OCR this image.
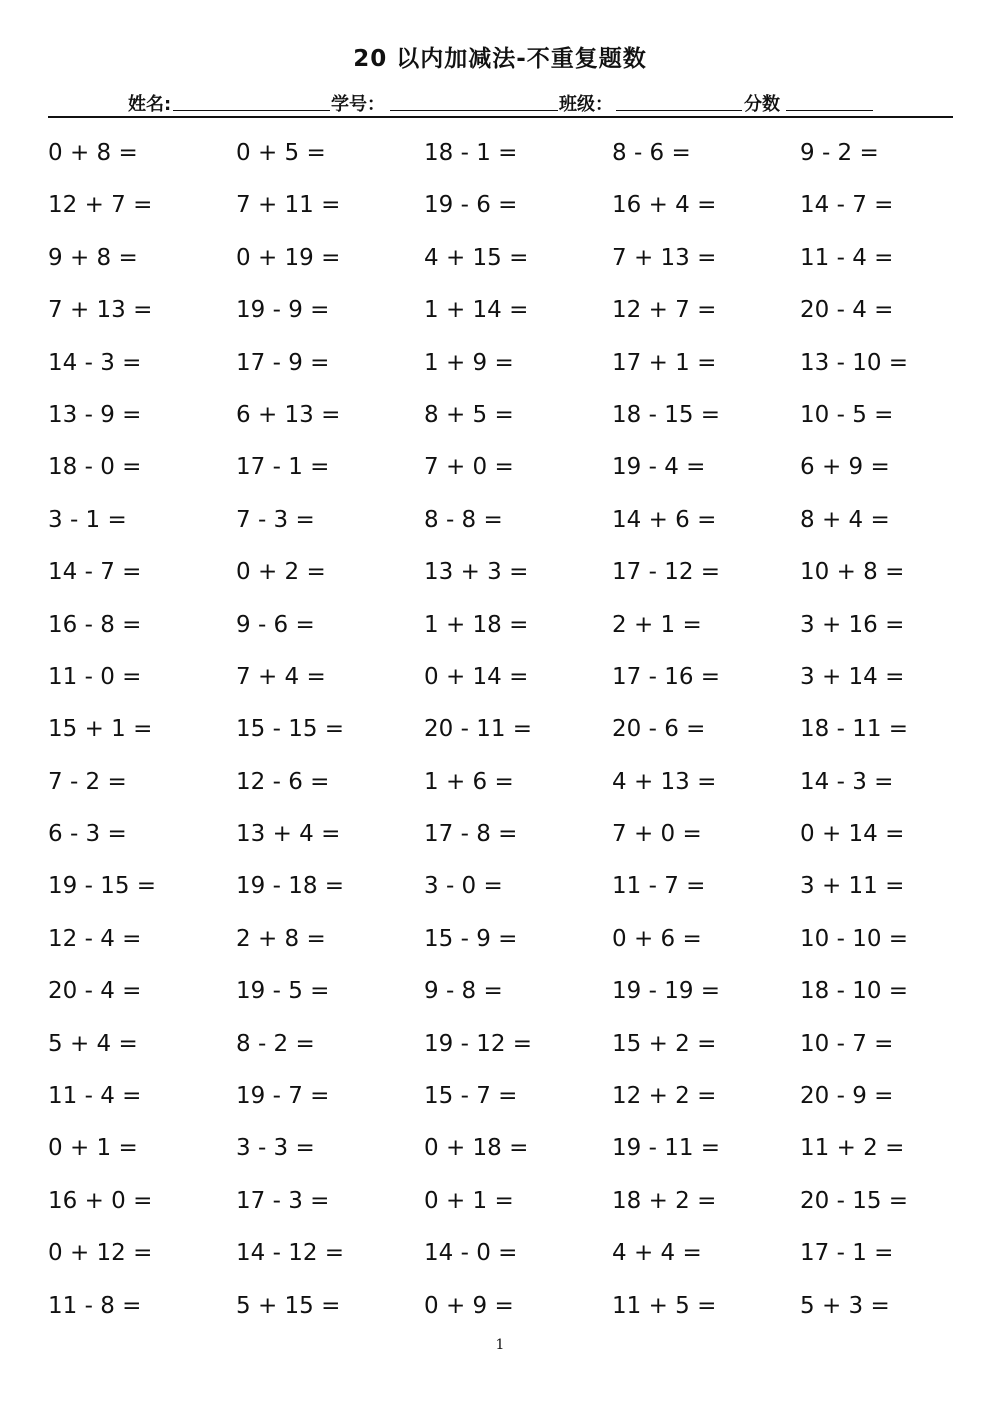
20 以内加减法-不重复题数
姓名:	学号：	班级：	分数
0 + 8 =	0 + 5 =	18 - 1 =	8 - 6 =	9 - 2 =
12 + 7 =	7 + 11 =	19 - 6 =	16 + 4 =	14 - 7 =
9 + 8 =	0 + 19 =	4 + 15 =	7 + 13 =	11 - 4 =
7 + 13 =	19 - 9 =	1 + 14 =	12 + 7 =	20 - 4 =
14 - 3 =	17 - 9 =	1 + 9 =	17 + 1 =	13 - 10 =
13 - 9 =	6 + 13 =	8 + 5 =	18 - 15 =	10 - 5 =
18 - 0 =	17 - 1 =	7 + 0 =	19 - 4 =	6 + 9 =
3 - 1 =	7 - 3 =	8 - 8 =	14 + 6 =	8 + 4 =
14 - 7 =	0 + 2 =	13 + 3 =	17 - 12 =	10 + 8 =
16 - 8 =	9 - 6 =	1 + 18 =	2 + 1 =	3 + 16 =
11 - 0 =	7 + 4 =	0 + 14 =	17 - 16 =	3 + 14 =
15 + 1 =	15 - 15 =	20 - 11 =	20 - 6 =	18 - 11 =
7 - 2 =	12 - 6 =	1 + 6 =	4 + 13 =	14 - 3 =
6 - 3 =	13 + 4 =	17 - 8 =	7 + 0 =	0 + 14 =
19 - 15 =	19 - 18 =	3 - 0 =	11 - 7 =	3 + 11 =
12 - 4 =	2 + 8 =	15 - 9 =	0 + 6 =	10 - 10 =
20 - 4 =	19 - 5 =	9 - 8 =	19 - 19 =	18 - 10 =
5 + 4 =	8 - 2 =	19 - 12 =	15 + 2 =	10 - 7 =
11 - 4 =	19 - 7 =	15 - 7 =	12 + 2 =	20 - 9 =
0 + 1 =	3 - 3 =	0 + 18 =	19 - 11 =	11 + 2 =
16 + 0 =	17 - 3 =	0 + 1 =	18 + 2 =	20 - 15 =
0 + 12 =	14 - 12 =	14 - 0 =	4 + 4 =	17 - 1 =
11 - 8 =	5 + 15 =	0 + 9 =	11 + 5 =	5 + 3 =
1
